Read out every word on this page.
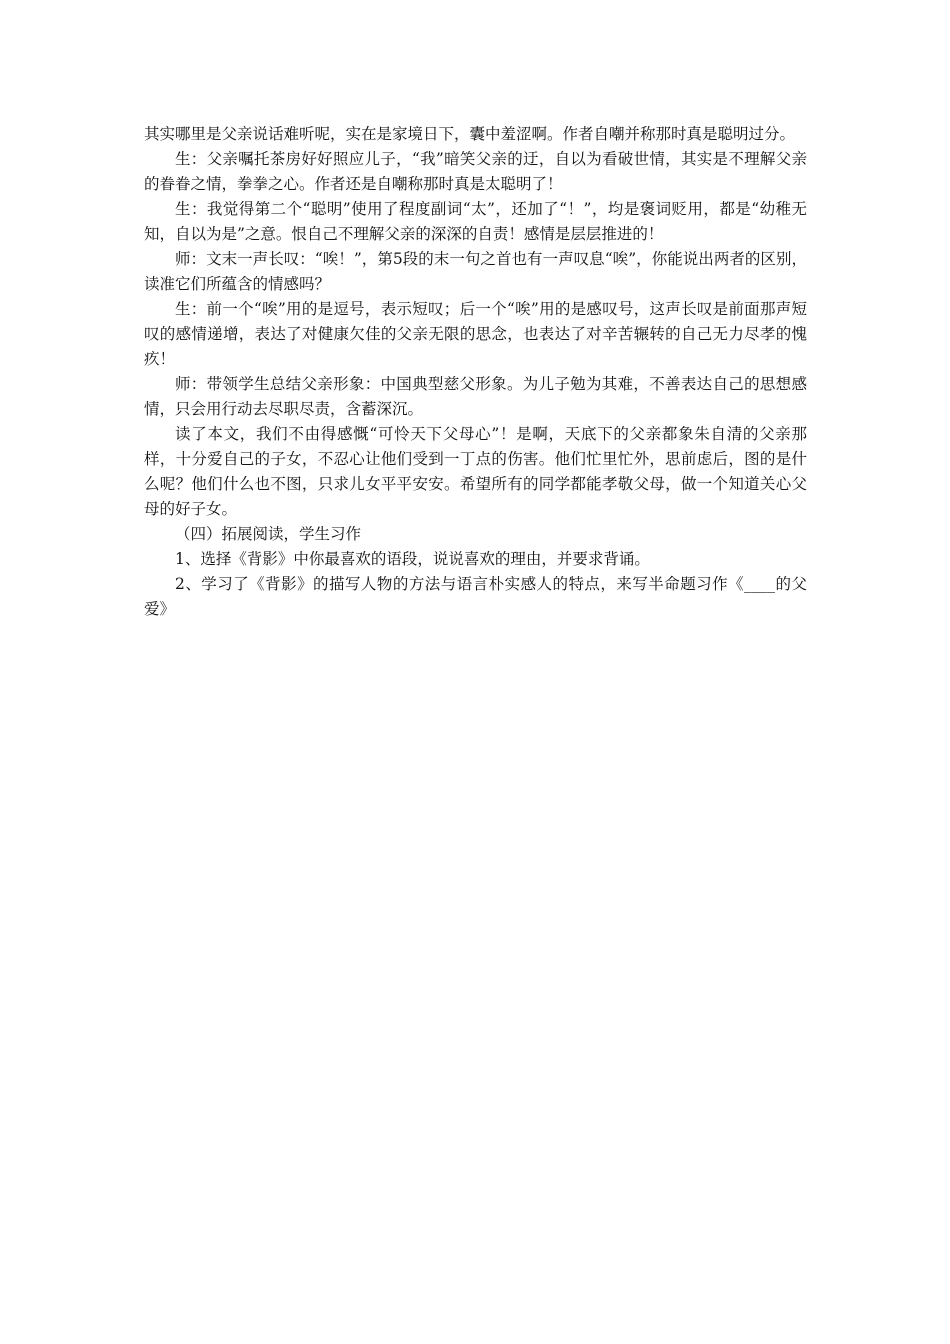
其实哪里是父亲说话难听呢，实在是家境日下，囊中羞涩啊。作者自嘲并称那时真是聪明过分。

生：父亲嘱托茶房好好照应儿子，“我”暗笑父亲的迂，自以为看破世情，其实是不理解父亲的眷眷之情，拳拳之心。作者还是自嘲称那时真是太聪明了！

生：我觉得第二个“聪明”使用了程度副词“太”，还加了“！”，均是褒词贬用，都是“幼稚无知，自以为是”之意。恨自己不理解父亲的深深的自责！感情是层层推进的！

师：文末一声长叹：“唉！”，第5段的末一句之首也有一声叹息“唉”，你能说出两者的区别，读准它们所蕴含的情感吗？

生：前一个“唉”用的是逗号，表示短叹；后一个“唉”用的是感叹号，这声长叹是前面那声短叹的感情递增，表达了对健康欠佳的父亲无限的思念，也表达了对辛苦辗转的自己无力尽孝的愧疚！

师：带领学生总结父亲形象：中国典型慈父形象。为儿子勉为其难，不善表达自己的思想感情，只会用行动去尽职尽责，含蓄深沉。

读了本文，我们不由得感慨“可怜天下父母心”！是啊，天底下的父亲都象朱自清的父亲那样，十分爱自己的子女，不忍心让他们受到一丁点的伤害。他们忙里忙外，思前虑后，图的是什么呢？他们什么也不图，只求儿女平平安安。希望所有的同学都能孝敬父母，做一个知道关心父母的好子女。

（四）拓展阅读，学生习作

1、选择《背影》中你最喜欢的语段，说说喜欢的理由，并要求背诵。

2、学习了《背影》的描写人物的方法与语言朴实感人的特点，来写半命题习作《____的父爱》
